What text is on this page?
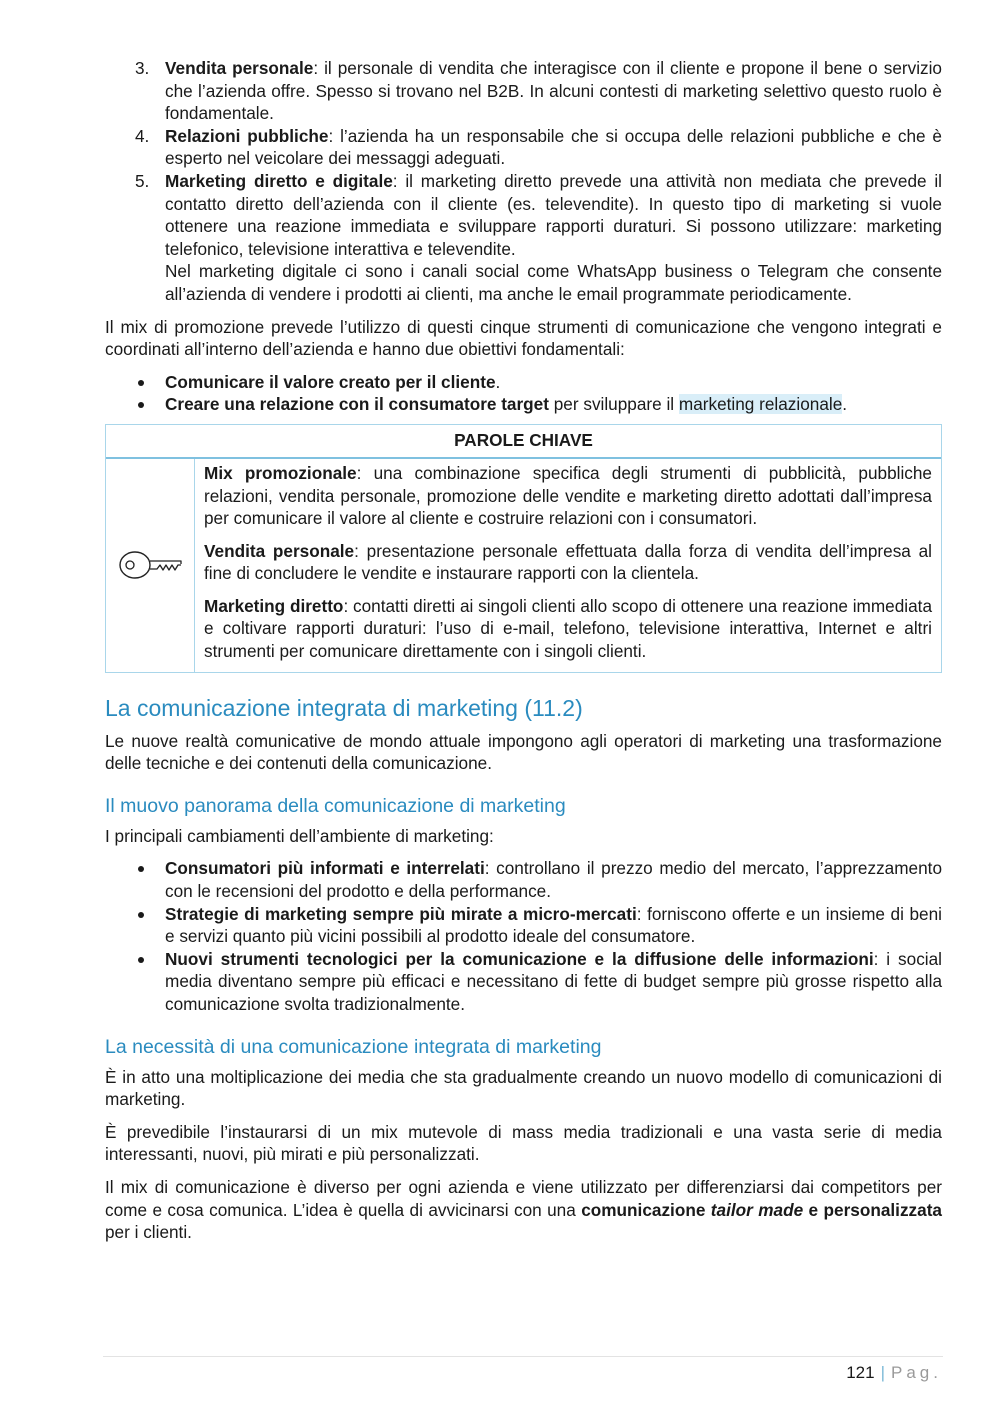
3. Vendita personale: il personale di vendita che interagisce con il cliente e propone il bene o servizio che l’azienda offre. Spesso si trovano nel B2B. In alcuni contesti di marketing selettivo questo ruolo è fondamentale.
4. Relazioni pubbliche: l’azienda ha un responsabile che si occupa delle relazioni pubbliche e che è esperto nel veicolare dei messaggi adeguati.
5. Marketing diretto e digitale: il marketing diretto prevede una attività non mediata che prevede il contatto diretto dell’azienda con il cliente (es. televendite). In questo tipo di marketing si vuole ottenere una reazione immediata e sviluppare rapporti duraturi. Si possono utilizzare: marketing telefonico, televisione interattiva e televendite.
Nel marketing digitale ci sono i canali social come WhatsApp business o Telegram che consente all’azienda di vendere i prodotti ai clienti, ma anche le email programmate periodicamente.

Il mix di promozione prevede l’utilizzo di questi cinque strumenti di comunicazione che vengono integrati e coordinati all’interno dell’azienda e hanno due obiettivi fondamentali:

Comunicare il valore creato per il cliente.
Creare una relazione con il consumatore target per sviluppare il marketing relazionale.
PAROLE CHIAVE

Mix promozionale: una combinazione specifica degli strumenti di pubblicità, pubbliche relazioni, vendita personale, promozione delle vendite e marketing diretto adottati dall’impresa per comunicare il valore al cliente e costruire relazioni con i consumatori.

Vendita personale: presentazione personale effettuata dalla forza di vendita dell’impresa al fine di concludere le vendite e instaurare rapporti con la clientela.

Marketing diretto: contatti diretti ai singoli clienti allo scopo di ottenere una reazione immediata e coltivare rapporti duraturi: l’uso di e-mail, telefono, televisione interattiva, Internet e altri strumenti per comunicare direttamente con i singoli clienti.

La comunicazione integrata di marketing (11.2)

Le nuove realtà comunicative de mondo attuale impongono agli operatori di marketing una trasformazione delle tecniche e dei contenuti della comunicazione.

Il muovo panorama della comunicazione di marketing

I principali cambiamenti dell’ambiente di marketing:

Consumatori più informati e interrelati: controllano il prezzo medio del mercato, l’apprezzamento con le recensioni del prodotto e della performance.
Strategie di marketing sempre più mirate a micro-mercati: forniscono offerte e un insieme di beni e servizi quanto più vicini possibili al prodotto ideale del consumatore.
Nuovi strumenti tecnologici per la comunicazione e la diffusione delle informazioni: i social media diventano sempre più efficaci e necessitano di fette di budget sempre più grosse rispetto alla comunicazione svolta tradizionalmente.
La necessità di una comunicazione integrata di marketing

È in atto una moltiplicazione dei media che sta gradualmente creando un nuovo modello di comunicazioni di marketing.

È prevedibile l’instaurarsi di un mix mutevole di mass media tradizionali e una vasta serie di media interessanti, nuovi, più mirati e più personalizzati.

Il mix di comunicazione è diverso per ogni azienda e viene utilizzato per differenziarsi dai competitors per come e cosa comunica. L’idea è quella di avvicinarsi con una comunicazione tailor made e personalizzata per i clienti.

121 | Pag.
